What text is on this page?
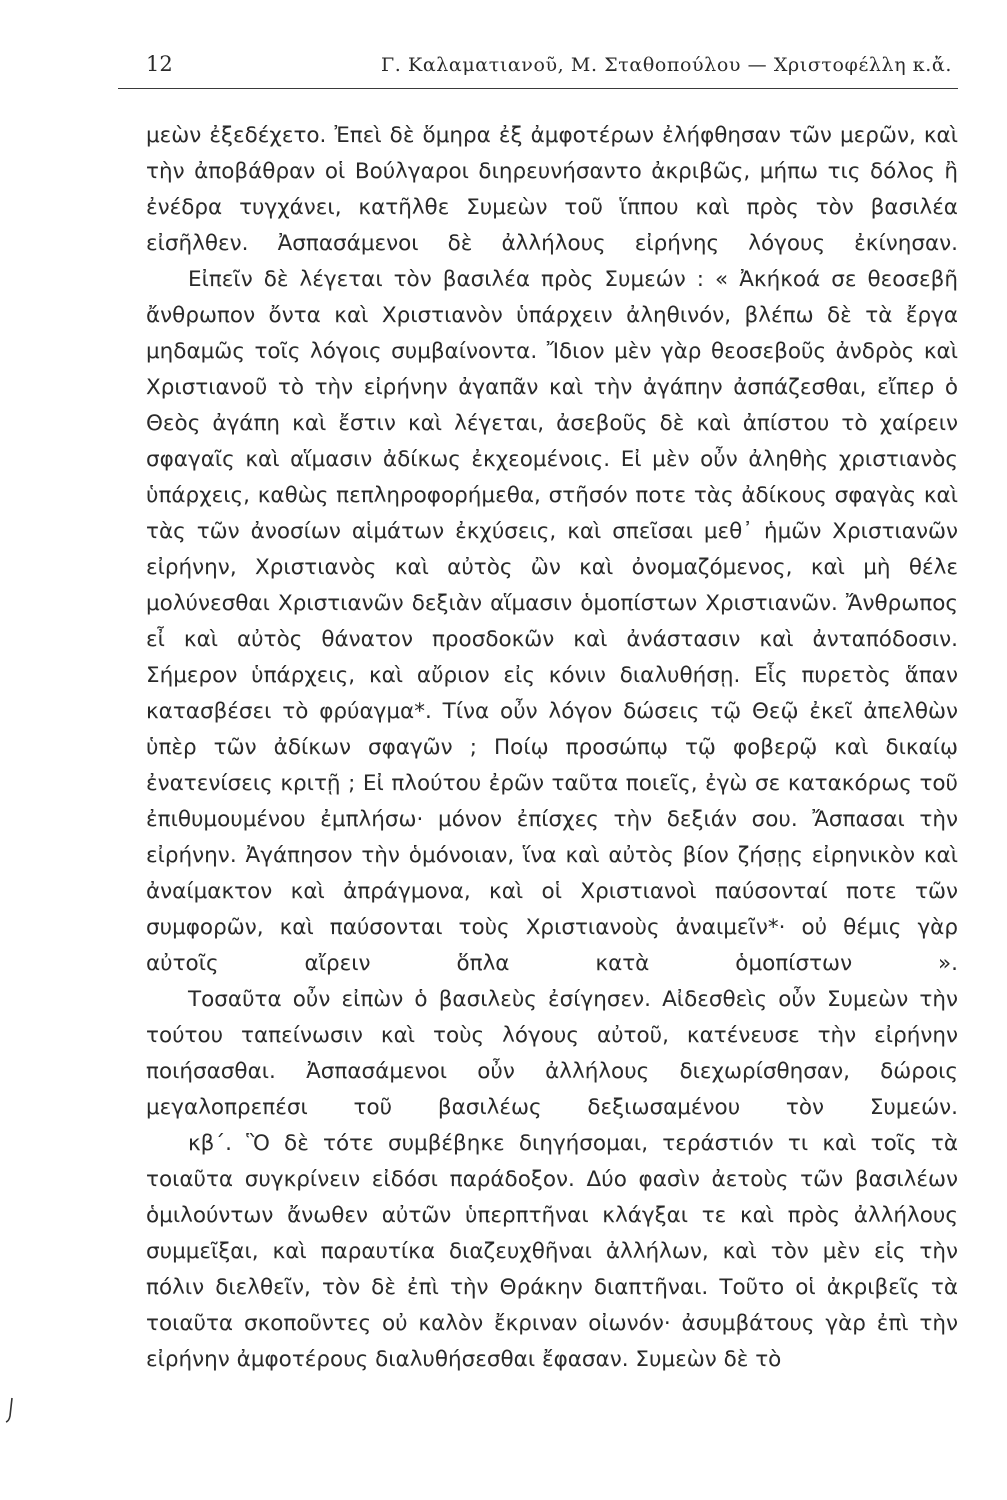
12	Γ. Καλαματιανοῦ, Μ. Σταθοπούλου — Χριστοφέλλη κ.ἄ.

μεὼν ἐξεδέχετο. Ἐπεὶ δὲ ὅμηρα ἐξ ἀμφοτέρων ἐλήφθησαν τῶν μερῶν, καὶ τὴν ἀποβάθραν οἱ Βούλγαροι διηρευνήσαντο ἀκριβῶς, μήπω τις δόλος ἢ ἐνέδρα τυγχάνει, κατῆλθε Συμεὼν τοῦ ἵππου καὶ πρὸς τὸν βασιλέα εἰσῆλθεν. Ἀσπασάμενοι δὲ ἀλλήλους εἰρήνης λόγους ἐκίνησαν.

Εἰπεῖν δὲ λέγεται τὸν βασιλέα πρὸς Συμεών : « Ἀκήκοά σε θεοσεβῆ ἄνθρωπον ὄντα καὶ Χριστιανὸν ὑπάρχειν ἀληθινόν, βλέπω δὲ τὰ ἔργα μηδαμῶς τοῖς λόγοις συμβαίνοντα. Ἴδιον μὲν γὰρ θεοσεβοῦς ἀνδρὸς καὶ Χριστιανοῦ τὸ τὴν εἰρήνην ἀγαπᾶν καὶ τὴν ἀγάπην ἀσπάζεσθαι, εἴπερ ὁ Θεὸς ἀγάπη καὶ ἔστιν καὶ λέγεται, ἀσεβοῦς δὲ καὶ ἀπίστου τὸ χαίρειν σφαγαῖς καὶ αἵμασιν ἀδίκως ἐκχεομένοις. Εἰ μὲν οὖν ἀληθὴς χριστιανὸς ὑπάρχεις, καθὼς πεπληροφορήμεθα, στῆσόν ποτε τὰς ἀδίκους σφαγὰς καὶ τὰς τῶν ἀνοσίων αἱμάτων ἐκχύσεις, καὶ σπεῖσαι μεθ᾽ ἡμῶν Χριστιανῶν εἰρήνην, Χριστιανὸς καὶ αὐτὸς ὢν καὶ ὀνομαζόμενος, καὶ μὴ θέλε μολύνεσθαι Χριστιανῶν δεξιὰν αἵμασιν ὁμοπίστων Χριστιανῶν. Ἄνθρωπος εἶ καὶ αὐτὸς θάνατον προσδοκῶν καὶ ἀνάστασιν καὶ ἀνταπόδοσιν. Σήμερον ὑπάρχεις, καὶ αὔριον εἰς κόνιν διαλυθήσῃ. Εἷς πυρετὸς ἅπαν κατασβέσει τὸ φρύαγμα*. Τίνα οὖν λόγον δώσεις τῷ Θεῷ ἐκεῖ ἀπελθὼν ὑπὲρ τῶν ἀδίκων σφαγῶν ; Ποίῳ προσώπῳ τῷ φοβερῷ καὶ δικαίῳ ἐνατενίσεις κριτῇ ; Εἰ πλούτου ἐρῶν ταῦτα ποιεῖς, ἐγὼ σε κατακόρως τοῦ ἐπιθυμουμένου ἐμπλήσω· μόνον ἐπίσχες τὴν δεξιάν σου. Ἄσπασαι τὴν εἰρήνην. Ἀγάπησον τὴν ὁμόνοιαν, ἵνα καὶ αὐτὸς βίον ζήσῃς εἰρηνικὸν καὶ ἀναίμακτον καὶ ἀπράγμονα, καὶ οἱ Χριστιανοὶ παύσονταί ποτε τῶν συμφορῶν, καὶ παύσονται τοὺς Χριστιανοὺς ἀναιμεῖν*· οὐ θέμις γὰρ αὐτοῖς αἴρειν ὅπλα κατὰ ὁμοπίστων ».

Τοσαῦτα οὖν εἰπὼν ὁ βασιλεὺς ἐσίγησεν. Αἰδεσθεὶς οὖν Συμεὼν τὴν τούτου ταπείνωσιν καὶ τοὺς λόγους αὐτοῦ, κατένευσε τὴν εἰρήνην ποιήσασθαι. Ἀσπασάμενοι οὖν ἀλλήλους διεχωρίσθησαν, δώροις μεγαλοπρεπέσι τοῦ βασιλέως δεξιωσαμένου τὸν Συμεών.

κβ΄. Ὃ δὲ τότε συμβέβηκε διηγήσομαι, τεράστιόν τι καὶ τοῖς τὰ τοιαῦτα συγκρίνειν εἰδόσι παράδοξον. Δύο φασὶν ἀετοὺς τῶν βασιλέων ὁμιλούντων ἄνωθεν αὐτῶν ὑπερπτῆναι κλάγξαι τε καὶ πρὸς ἀλλήλους συμμεῖξαι, καὶ παραυτίκα διαζευχθῆναι ἀλλήλων, καὶ τὸν μὲν εἰς τὴν πόλιν διελθεῖν, τὸν δὲ ἐπὶ τὴν Θράκην διαπτῆναι. Τοῦτο οἱ ἀκριβεῖς τὰ τοιαῦτα σκοποῦντες οὐ καλὸν ἔκριναν οἰωνόν· ἀσυμβάτους γὰρ ἐπὶ τὴν εἰρήνην ἀμφοτέρους διαλυθήσεσθαι ἔφασαν. Συμεὼν δὲ τὸ
